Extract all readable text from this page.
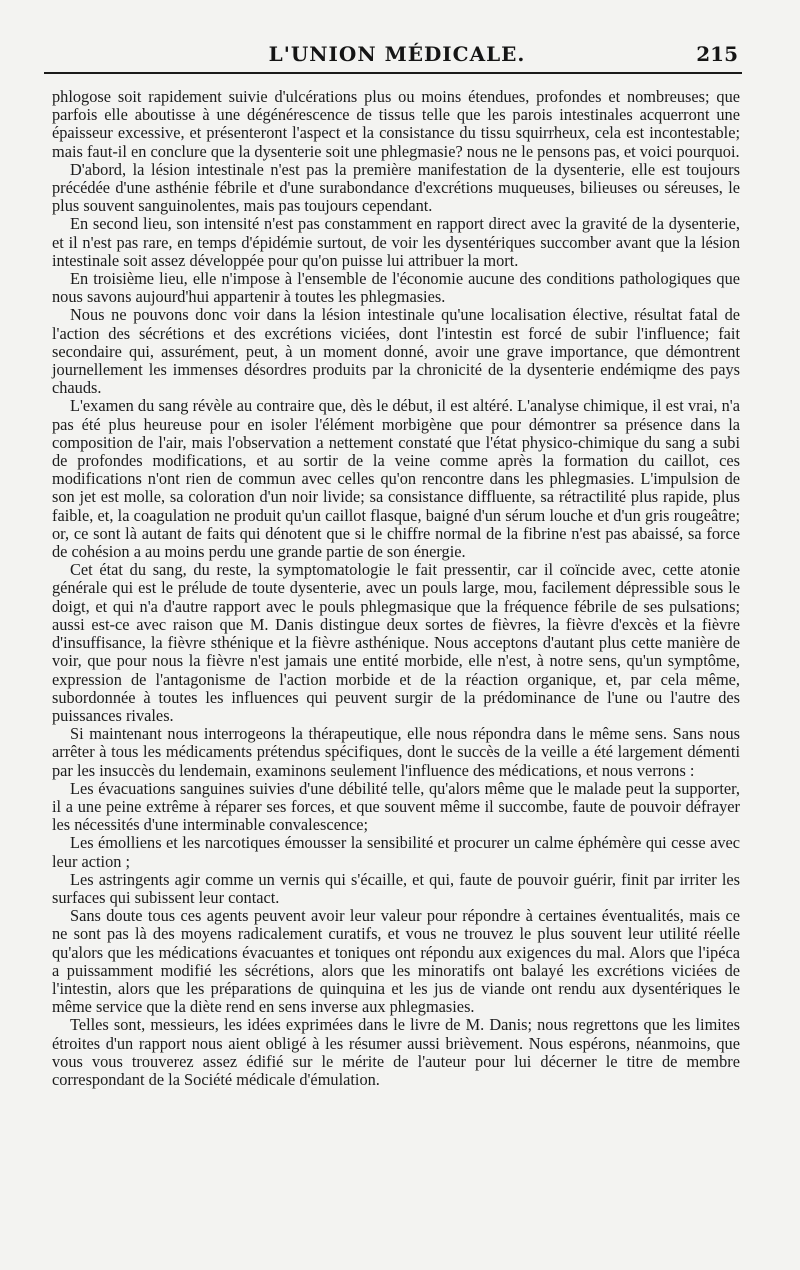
L'UNION MÉDICALE.	215

phlogose soit rapidement suivie d'ulcérations plus ou moins étendues, profondes et nombreuses; que parfois elle aboutisse à une dégénérescence de tissus telle que les parois intestinales acquerront une épaisseur excessive, et présenteront l'aspect et la consistance du tissu squirrheux, cela est incontestable; mais faut-il en conclure que la dysenterie soit une phlegmasie? nous ne le pensons pas, et voici pourquoi.

D'abord, la lésion intestinale n'est pas la première manifestation de la dysenterie, elle est toujours précédée d'une asthénie fébrile et d'une surabondance d'excrétions muqueuses, bilieuses ou séreuses, le plus souvent sanguinolentes, mais pas toujours cependant.

En second lieu, son intensité n'est pas constamment en rapport direct avec la gravité de la dysenterie, et il n'est pas rare, en temps d'épidémie surtout, de voir les dysentériques succomber avant que la lésion intestinale soit assez développée pour qu'on puisse lui attribuer la mort.

En troisième lieu, elle n'impose à l'ensemble de l'économie aucune des conditions pathologiques que nous savons aujourd'hui appartenir à toutes les phlegmasies.

Nous ne pouvons donc voir dans la lésion intestinale qu'une localisation élective, résultat fatal de l'action des sécrétions et des excrétions viciées, dont l'intestin est forcé de subir l'influence; fait secondaire qui, assurément, peut, à un moment donné, avoir une grave importance, que démontrent journellement les immenses désordres produits par la chronicité de la dysenterie endémiqme des pays chauds.

L'examen du sang révèle au contraire que, dès le début, il est altéré. L'analyse chimique, il est vrai, n'a pas été plus heureuse pour en isoler l'élément morbigène que pour démontrer sa présence dans la composition de l'air, mais l'observation a nettement constaté que l'état physico-chimique du sang a subi de profondes modifications, et au sortir de la veine comme après la formation du caillot, ces modifications n'ont rien de commun avec celles qu'on rencontre dans les phlegmasies. L'impulsion de son jet est molle, sa coloration d'un noir livide; sa consistance diffluente, sa rétractilité plus rapide, plus faible, et, la coagulation ne produit qu'un caillot flasque, baigné d'un sérum louche et d'un gris rougeâtre; or, ce sont là autant de faits qui dénotent que si le chiffre normal de la fibrine n'est pas abaissé, sa force de cohésion a au moins perdu une grande partie de son énergie.

Cet état du sang, du reste, la symptomatologie le fait pressentir, car il coïncide avec, cette atonie générale qui est le prélude de toute dysenterie, avec un pouls large, mou, facilement dépressible sous le doigt, et qui n'a d'autre rapport avec le pouls phlegmasique que la fréquence fébrile de ses pulsations; aussi est-ce avec raison que M. Danis distingue deux sortes de fièvres, la fièvre d'excès et la fièvre d'insuffisance, la fièvre sthénique et la fièvre asthénique. Nous acceptons d'autant plus cette manière de voir, que pour nous la fièvre n'est jamais une entité morbide, elle n'est, à notre sens, qu'un symptôme, expression de l'antagonisme de l'action morbide et de la réaction organique, et, par cela même, subordonnée à toutes les influences qui peuvent surgir de la prédominance de l'une ou l'autre des puissances rivales.

Si maintenant nous interrogeons la thérapeutique, elle nous répondra dans le même sens. Sans nous arrêter à tous les médicaments prétendus spécifiques, dont le succès de la veille a été largement démenti par les insuccès du lendemain, examinons seulement l'influence des médications, et nous verrons :

Les évacuations sanguines suivies d'une débilité telle, qu'alors même que le malade peut la supporter, il a une peine extrême à réparer ses forces, et que souvent même il succombe, faute de pouvoir défrayer les nécessités d'une interminable convalescence;

Les émolliens et les narcotiques émousser la sensibilité et procurer un calme éphémère qui cesse avec leur action ;

Les astringents agir comme un vernis qui s'écaille, et qui, faute de pouvoir guérir, finit par irriter les surfaces qui subissent leur contact.

Sans doute tous ces agents peuvent avoir leur valeur pour répondre à certaines éventualités, mais ce ne sont pas là des moyens radicalement curatifs, et vous ne trouvez le plus souvent leur utilité réelle qu'alors que les médications évacuantes et toniques ont répondu aux exigences du mal. Alors que l'ipéca a puissamment modifié les sécrétions, alors que les minoratifs ont balayé les excrétions viciées de l'intestin, alors que les préparations de quinquina et les jus de viande ont rendu aux dysentériques le même service que la diète rend en sens inverse aux phlegmasies.

Telles sont, messieurs, les idées exprimées dans le livre de M. Danis; nous regrettons que les limites étroites d'un rapport nous aient obligé à les résumer aussi brièvement. Nous espérons, néanmoins, que vous vous trouverez assez édifié sur le mérite de l'auteur pour lui décerner le titre de membre correspondant de la Société médicale d'émulation.
